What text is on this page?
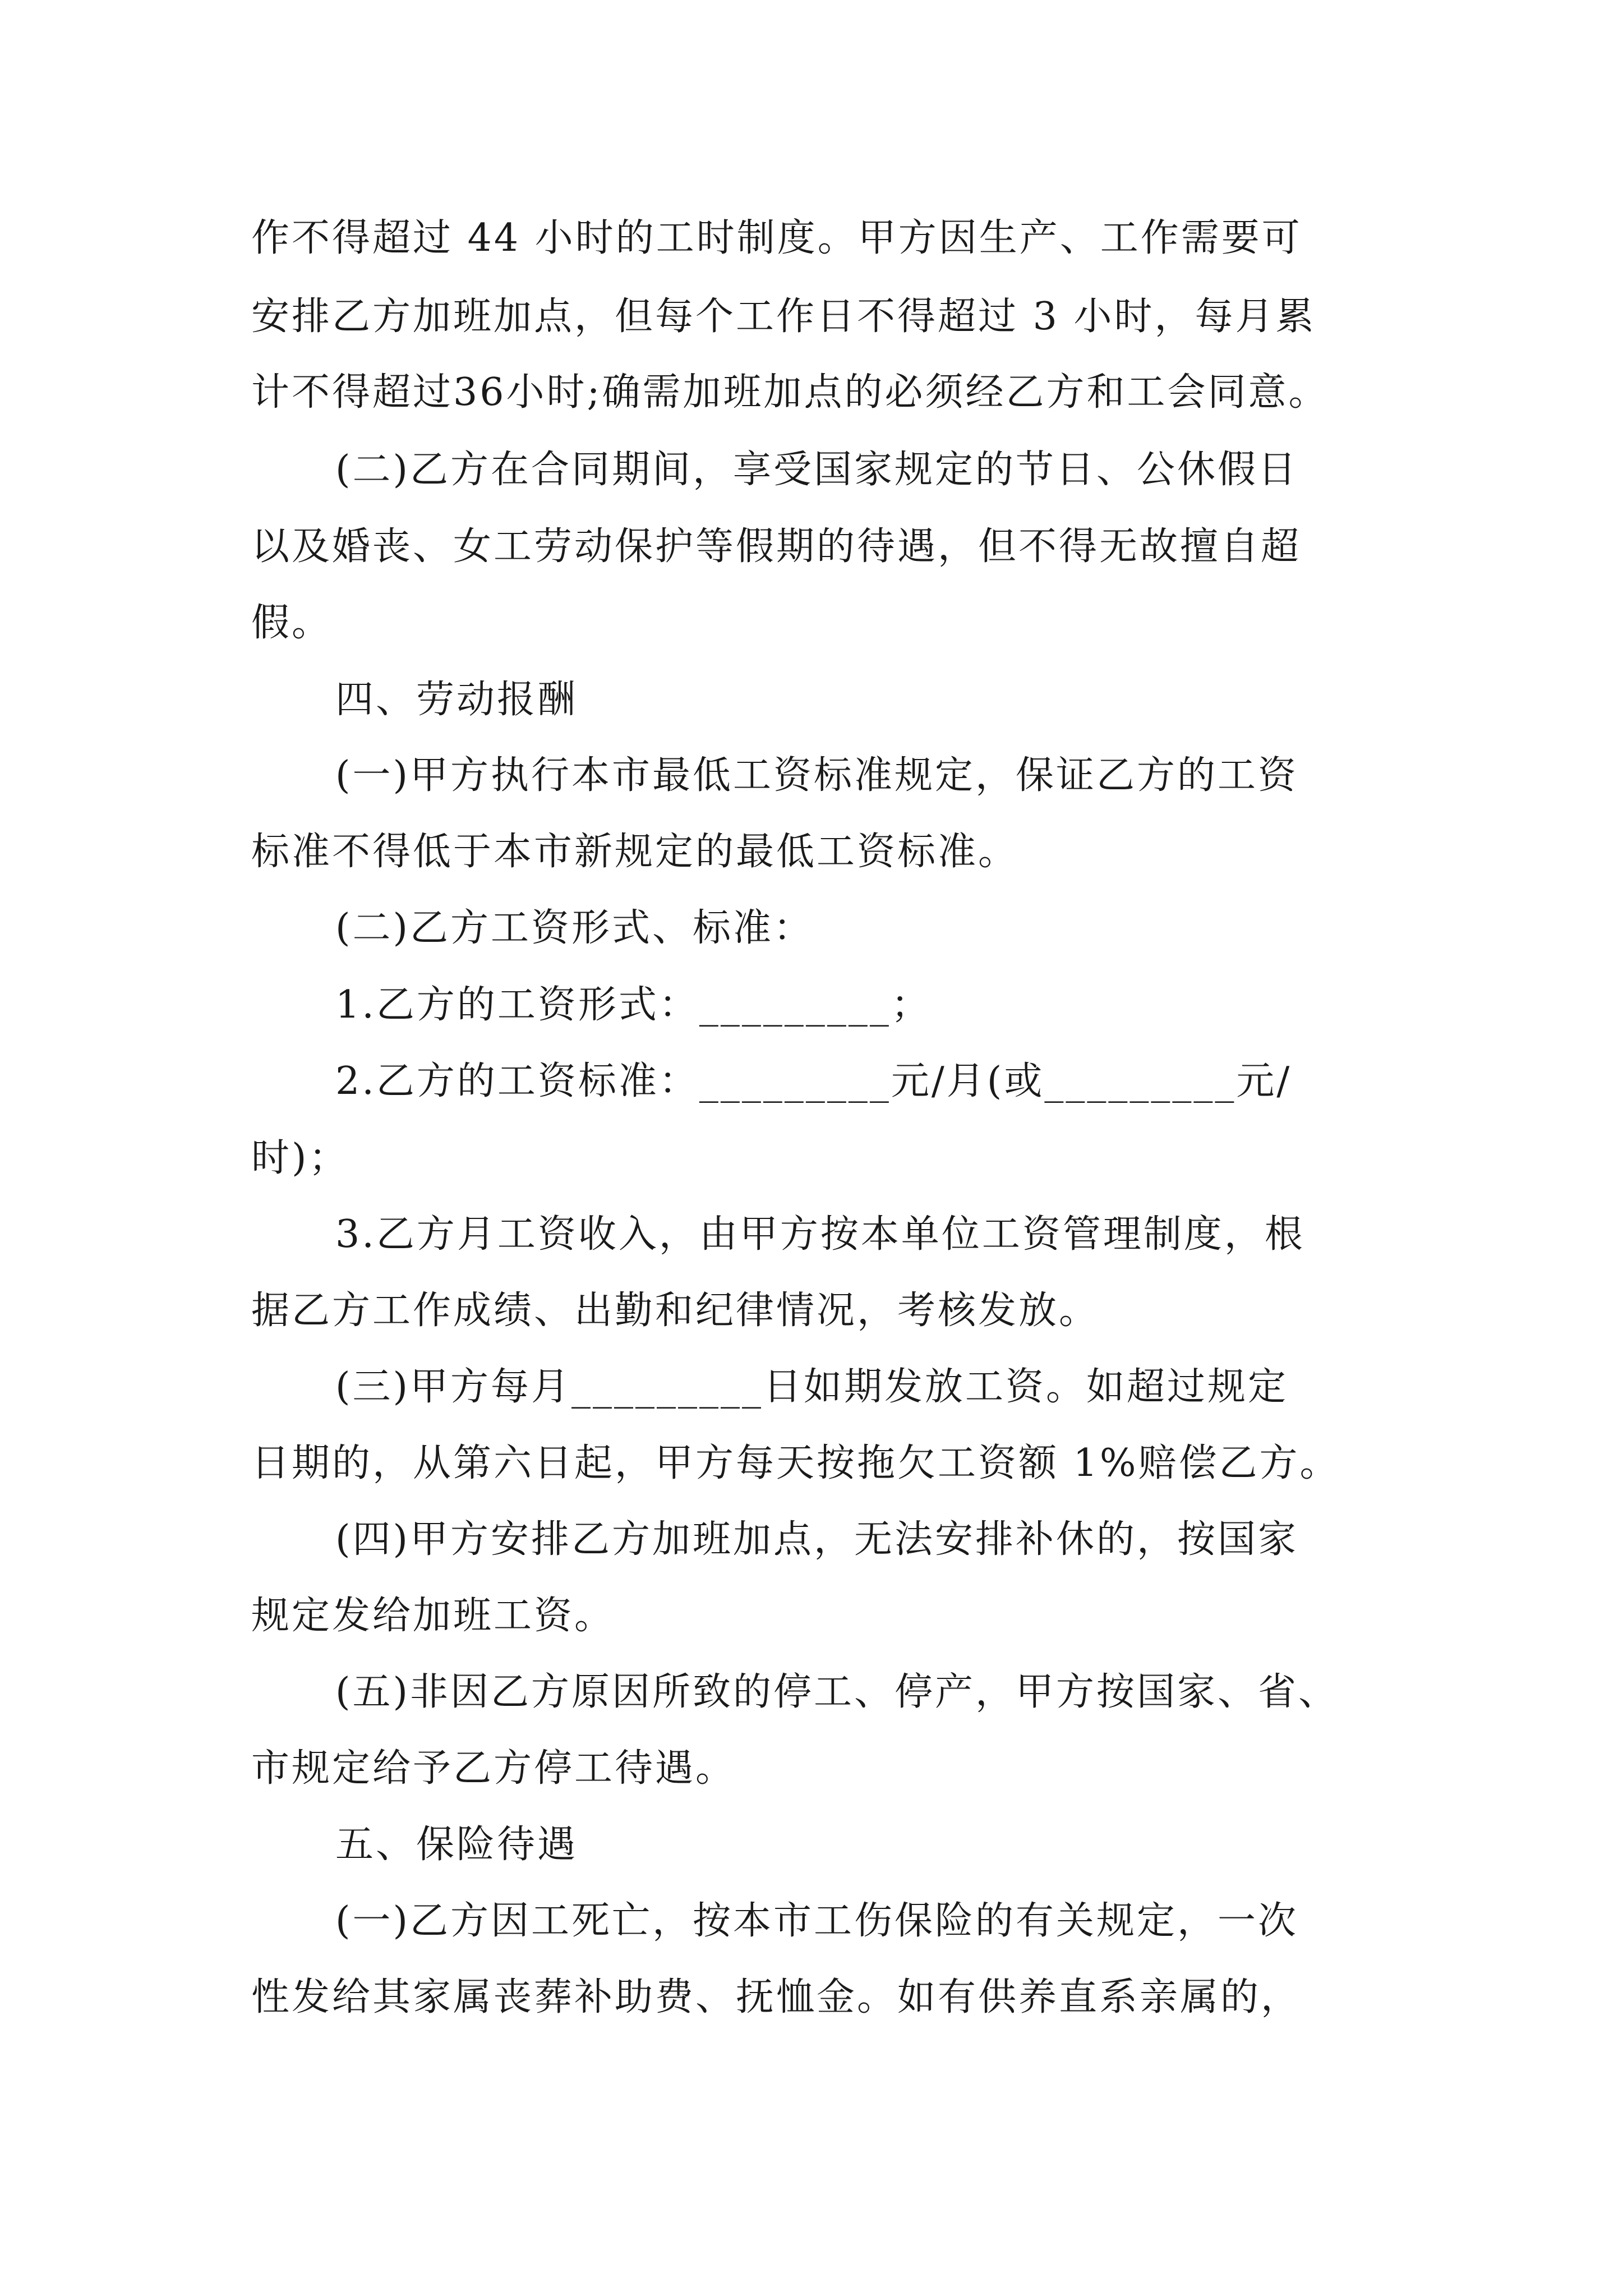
作不得超过 44 小时的工时制度。甲方因生产、工作需要可
安排乙方加班加点，但每个工作日不得超过 3 小时，每月累
计不得超过36小时;确需加班加点的必须经乙方和工会同意。
(二)乙方在合同期间，享受国家规定的节日、公休假日
以及婚丧、女工劳动保护等假期的待遇，但不得无故擅自超
假。
四、劳动报酬
(一)甲方执行本市最低工资标准规定，保证乙方的工资
标准不得低于本市新规定的最低工资标准。
(二)乙方工资形式、标准：
1.乙方的工资形式：_________；
2.乙方的工资标准：_________元/月(或_________元/
时)；
3.乙方月工资收入，由甲方按本单位工资管理制度，根
据乙方工作成绩、出勤和纪律情况，考核发放。
(三)甲方每月_________日如期发放工资。如超过规定
日期的，从第六日起，甲方每天按拖欠工资额 1%赔偿乙方。
(四)甲方安排乙方加班加点，无法安排补休的，按国家
规定发给加班工资。
(五)非因乙方原因所致的停工、停产，甲方按国家、省、
市规定给予乙方停工待遇。
五、保险待遇
(一)乙方因工死亡，按本市工伤保险的有关规定，一次
性发给其家属丧葬补助费、抚恤金。如有供养直系亲属的，
